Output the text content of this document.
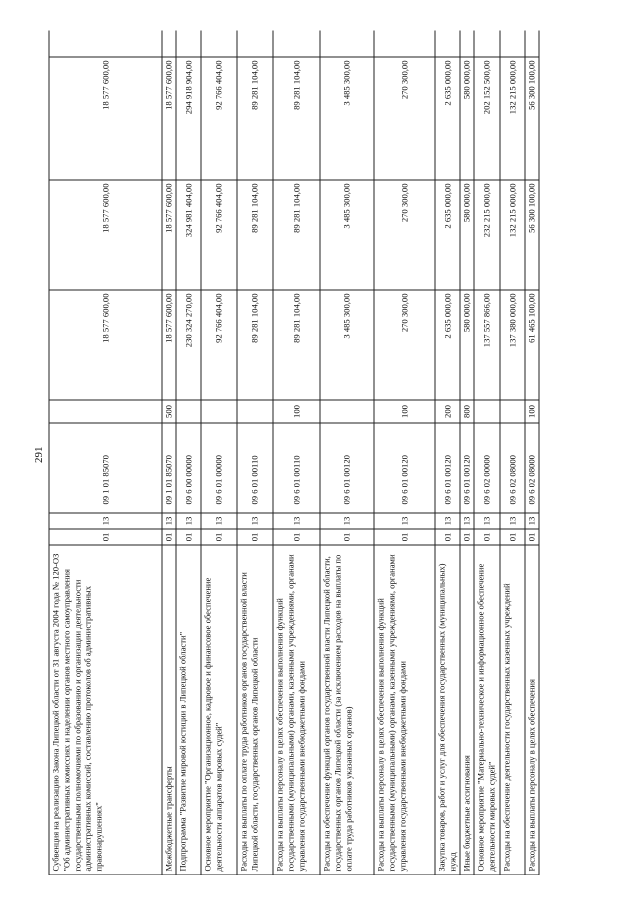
291
Субвенция на реализацию Закона Липецкой области от 31 августа 2004 года № 120-ОЗ "Об административных комиссиях и наделении органов местного самоуправления государственными полномочиями по образованию и организации деятельности административных комиссий, составлению протоколов об административных правонарушениях"
01
13
09 1 01 85070
18 577 600,00
18 577 600,00
18 577 600,00
Межбюджетные трансферты
01
13
09 1 01 85070
500
18 577 600,00
18 577 600,00
18 577 600,00
Подпрограмма "Развитие мировой юстиции в Липецкой области"
01
13
09 6 00 00000
230 324 270,00
324 981 404,00
294 918 904,00
Основное мероприятие "Организационное, кадровое и финансовое обеспечение деятельности аппаратов мировых судей"
01
13
09 6 01 00000
92 766 404,00
92 766 404,00
92 766 404,00
Расходы на выплаты по оплате труда работников органов государственной власти Липецкой области, государственных органов Липецкой области
01
13
09 6 01 00110
89 281 104,00
89 281 104,00
89 281 104,00
Расходы на выплаты персоналу в целях обеспечения выполнения функций государственными (муниципальными) органами, казенными учреждениями, органами управления государственными внебюджетными фондами
01
13
09 6 01 00110
100
89 281 104,00
89 281 104,00
89 281 104,00
Расходы на обеспечение функций органов государственной власти Липецкой области, государственных органов Липецкой области (за исключением расходов на выплаты по оплате труда работников указанных органов)
01
13
09 6 01 00120
3 485 300,00
3 485 300,00
3 485 300,00
Расходы на выплаты персоналу в целях обеспечения выполнения функций государственными (муниципальными) органами, казенными учреждениями, органами управления государственными внебюджетными фондами
01
13
09 6 01 00120
100
270 300,00
270 300,00
270 300,00
Закупка товаров, работ и услуг для обеспечения государственных (муниципальных) нужд
01
13
09 6 01 00120
200
2 635 000,00
2 635 000,00
2 635 000,00
Иные бюджетные ассигнования
01
13
09 6 01 00120
800
580 000,00
580 000,00
580 000,00
Основное мероприятие "Материально-техническое и информационное обеспечение деятельности мировых судей"
01
13
09 6 02 00000
137 557 866,00
232 215 000,00
202 152 500,00
Расходы на обеспечение деятельности государственных казенных учреждений
01
13
09 6 02 08000
137 380 000,00
132 215 000,00
132 215 000,00
Расходы на выплаты персоналу в целях обеспечения
01
13
09 6 02 08000
100
61 465 100,00
56 300 100,00
56 300 100,00
